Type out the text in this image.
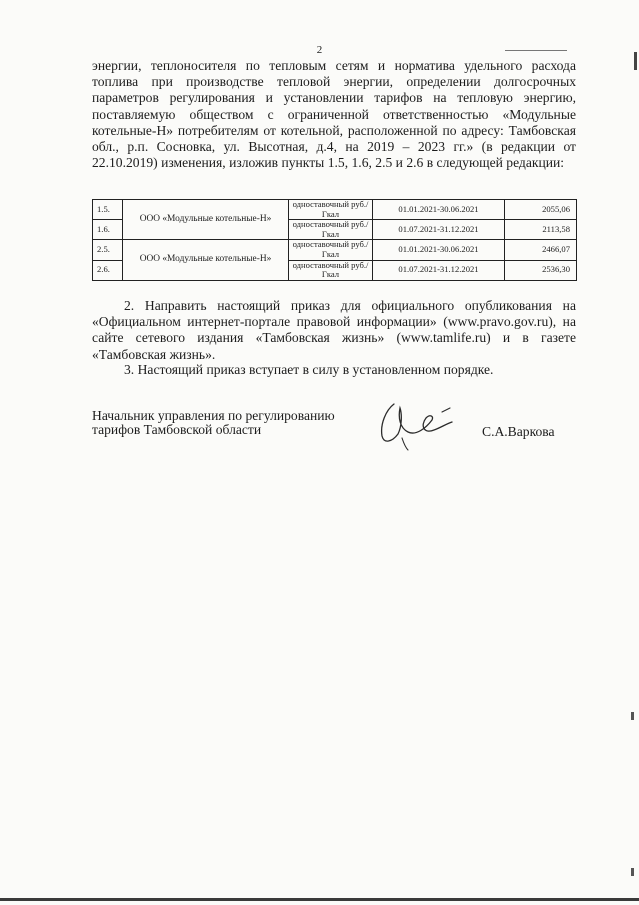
2
энергии, теплоносителя по тепловым сетям и норматива удельного расхода топлива при производстве тепловой энергии, определении долгосрочных параметров регулирования и установлении тарифов на тепловую энергию, поставляемую обществом с ограниченной ответственностью «Модульные котельные-Н» потребителям от котельной, расположенной по адресу: Тамбовская обл., р.п. Сосновка, ул. Высотная, д.4, на 2019 – 2023 гг.» (в редакции от 22.10.2019) изменения, изложив пункты 1.5, 1.6, 2.5 и 2.6 в следующей редакции:
1.5.	ООО «Модульные котельные-Н»	одноставочный руб./Гкал	01.01.2021-30.06.2021	2055,06
1.6.		одноставочный руб./Гкал	01.07.2021-31.12.2021	2113,58
2.5.	ООО «Модульные котельные-Н»	одноставочный руб./Гкал	01.01.2021-30.06.2021	2466,07
2.6.		одноставочный руб./Гкал	01.07.2021-31.12.2021	2536,30
2. Направить настоящий приказ для официального опубликования на «Официальном интернет-портале правовой информации» (www.pravo.gov.ru), на сайте сетевого издания «Тамбовская жизнь» (www.tamlife.ru) и в газете «Тамбовская жизнь».
3. Настоящий приказ вступает в силу в установленном порядке.
Начальник управления по регулированию
тарифов Тамбовской области	С.А.Варкова
